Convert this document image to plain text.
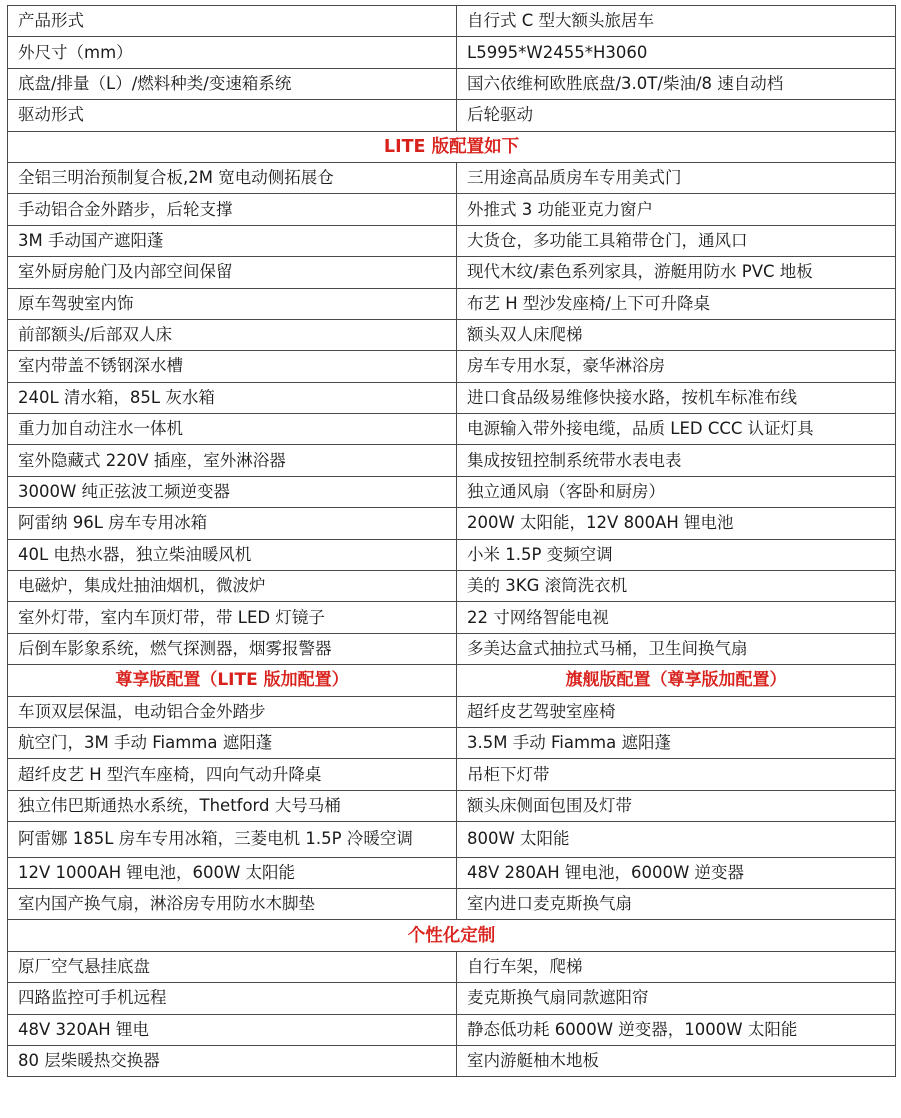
产品形式	自行式 C 型大额头旅居车
外尺寸（mm）	L5995*W2455*H3060
底盘/排量（L）/燃料种类/变速箱系统	国六依维柯欧胜底盘/3.0T/柴油/8 速自动档
驱动形式	后轮驱动
LITE 版配置如下	
全铝三明治预制复合板,2M 宽电动侧拓展仓	三用途高品质房车专用美式门
手动铝合金外踏步，后轮支撑	外推式 3 功能亚克力窗户
3M 手动国产遮阳蓬	大货仓，多功能工具箱带仓门，通风口
室外厨房舱门及内部空间保留	现代木纹/素色系列家具，游艇用防水 PVC 地板
原车驾驶室内饰	布艺 H 型沙发座椅/上下可升降桌
前部额头/后部双人床	额头双人床爬梯
室内带盖不锈钢深水槽	房车专用水泵，豪华淋浴房
240L 清水箱，85L 灰水箱	进口食品级易维修快接水路，按机车标准布线
重力加自动注水一体机	电源输入带外接电缆，品质 LED CCC 认证灯具
室外隐藏式 220V 插座，室外淋浴器	集成按钮控制系统带水表电表
3000W 纯正弦波工频逆变器	独立通风扇（客卧和厨房）
阿雷纳 96L 房车专用冰箱	200W 太阳能，12V 800AH 锂电池
40L 电热水器，独立柴油暖风机	小米 1.5P 变频空调
电磁炉，集成灶抽油烟机，微波炉	美的 3KG 滚筒洗衣机
室外灯带，室内车顶灯带，带 LED 灯镜子	22 寸网络智能电视
后倒车影象系统，燃气探测器，烟雾报警器	多美达盒式抽拉式马桶，卫生间换气扇
尊享版配置（LITE 版加配置）	旗舰版配置（尊享版加配置）
车顶双层保温，电动铝合金外踏步	超纤皮艺驾驶室座椅
航空门，3M 手动 Fiamma 遮阳蓬	3.5M 手动 Fiamma 遮阳蓬
超纤皮艺 H 型汽车座椅，四向气动升降桌	吊柜下灯带
独立伟巴斯通热水系统，Thetford 大号马桶	额头床侧面包围及灯带
阿雷娜 185L 房车专用冰箱，三菱电机 1.5P 冷暖空调	800W 太阳能
12V 1000AH 锂电池，600W 太阳能	48V 280AH 锂电池，6000W 逆变器
室内国产换气扇，淋浴房专用防水木脚垫	室内进口麦克斯换气扇
个性化定制	
原厂空气悬挂底盘	自行车架，爬梯
四路监控可手机远程	麦克斯换气扇同款遮阳帘
48V 320AH 锂电	静态低功耗 6000W 逆变器，1000W 太阳能
80 层柴暖热交换器	室内游艇柚木地板
